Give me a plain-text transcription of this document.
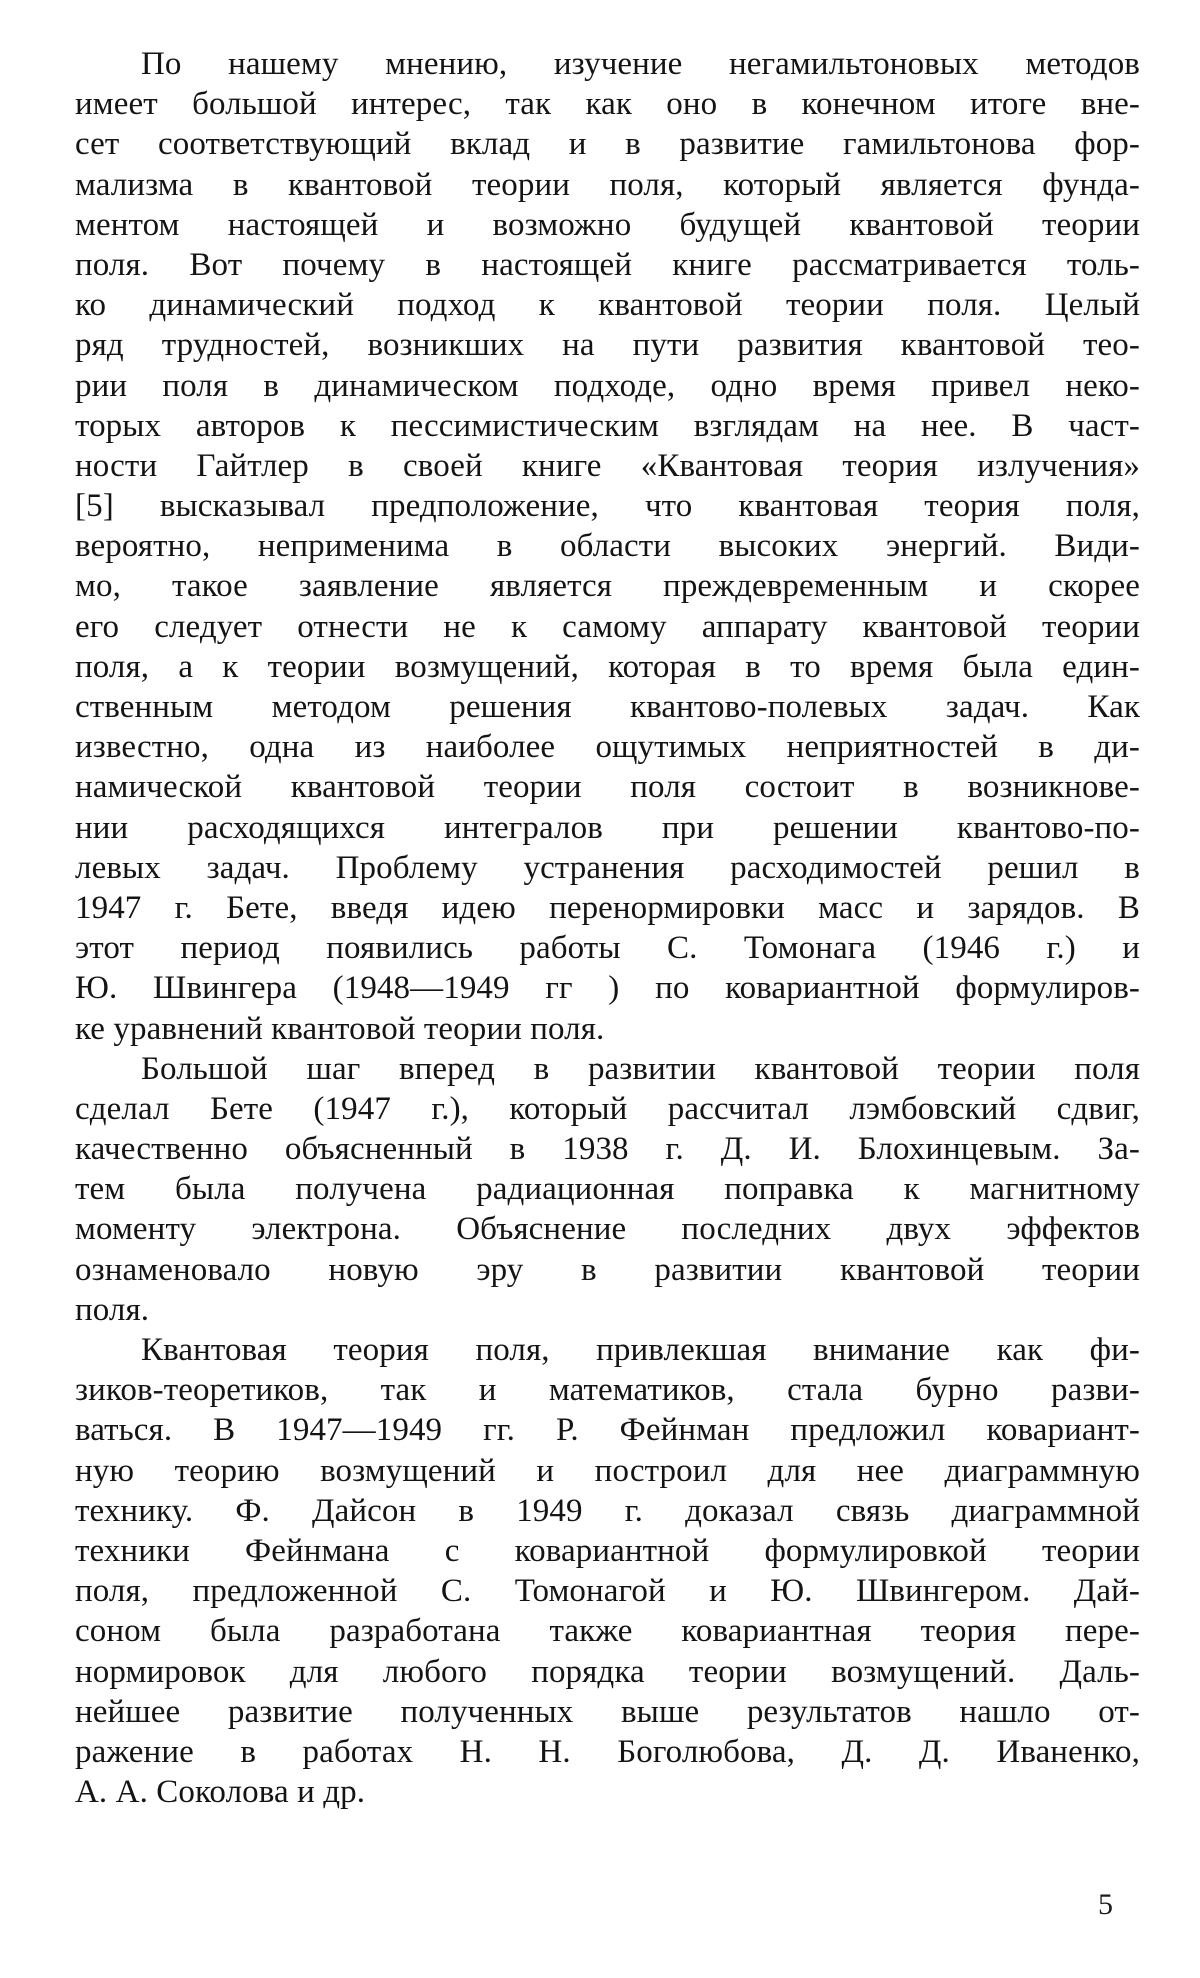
По нашему мнению, изучение негамильтоновых методов
имеет большой интерес, так как оно в конечном итоге вне-
сет соответствующий вклад и в развитие гамильтонова фор-
мализма в квантовой теории поля, который является фунда-
ментом настоящей и возможно будущей квантовой теории
поля. Вот почему в настоящей книге рассматривается толь-
ко динамический подход к квантовой теории поля. Целый
ряд трудностей, возникших на пути развития квантовой тео-
рии поля в динамическом подходе, одно время привел неко-
торых авторов к пессимистическим взглядам на нее. В част-
ности Гайтлер в своей книге «Квантовая теория излучения»
[5] высказывал предположение, что квантовая теория поля,
вероятно, неприменима в области высоких энергий. Види-
мо, такое заявление является преждевременным и скорее
его следует отнести не к самому аппарату квантовой теории
поля, а к теории возмущений, которая в то время была един-
ственным методом решения квантово-полевых задач. Как
известно, одна из наиболее ощутимых неприятностей в ди-
намической квантовой теории поля состоит в возникнове-
нии расходящихся интегралов при решении квантово-по-
левых задач. Проблему устранения расходимостей решил в
1947 г. Бете, введя идею перенормировки масс и зарядов. В
этот период появились работы С. Томонага (1946 г.) и
Ю. Швингера (1948—1949 гг ) по ковариантной формулиров-
ке уравнений квантовой теории поля.
Большой шаг вперед в развитии квантовой теории поля
сделал Бете (1947 г.), который рассчитал лэмбовский сдвиг,
качественно объясненный в 1938 г. Д. И. Блохинцевым. За-
тем была получена радиационная поправка к магнитному
моменту электрона. Объяснение последних двух эффектов
ознаменовало новую эру в развитии квантовой теории
поля.
Квантовая теория поля, привлекшая внимание как фи-
зиков-теоретиков, так и математиков, стала бурно разви-
ваться. В 1947—1949 гг. Р. Фейнман предложил ковариант-
ную теорию возмущений и построил для нее диаграммную
технику. Ф. Дайсон в 1949 г. доказал связь диаграммной
техники Фейнмана с ковариантной формулировкой теории
поля, предложенной С. Томонагой и Ю. Швингером. Дай-
соном была разработана также ковариантная теория пере-
нормировок для любого порядка теории возмущений. Даль-
нейшее развитие полученных выше результатов нашло от-
ражение в работах Н. Н. Боголюбова, Д. Д. Иваненко,
А. А. Соколова и др.
5
